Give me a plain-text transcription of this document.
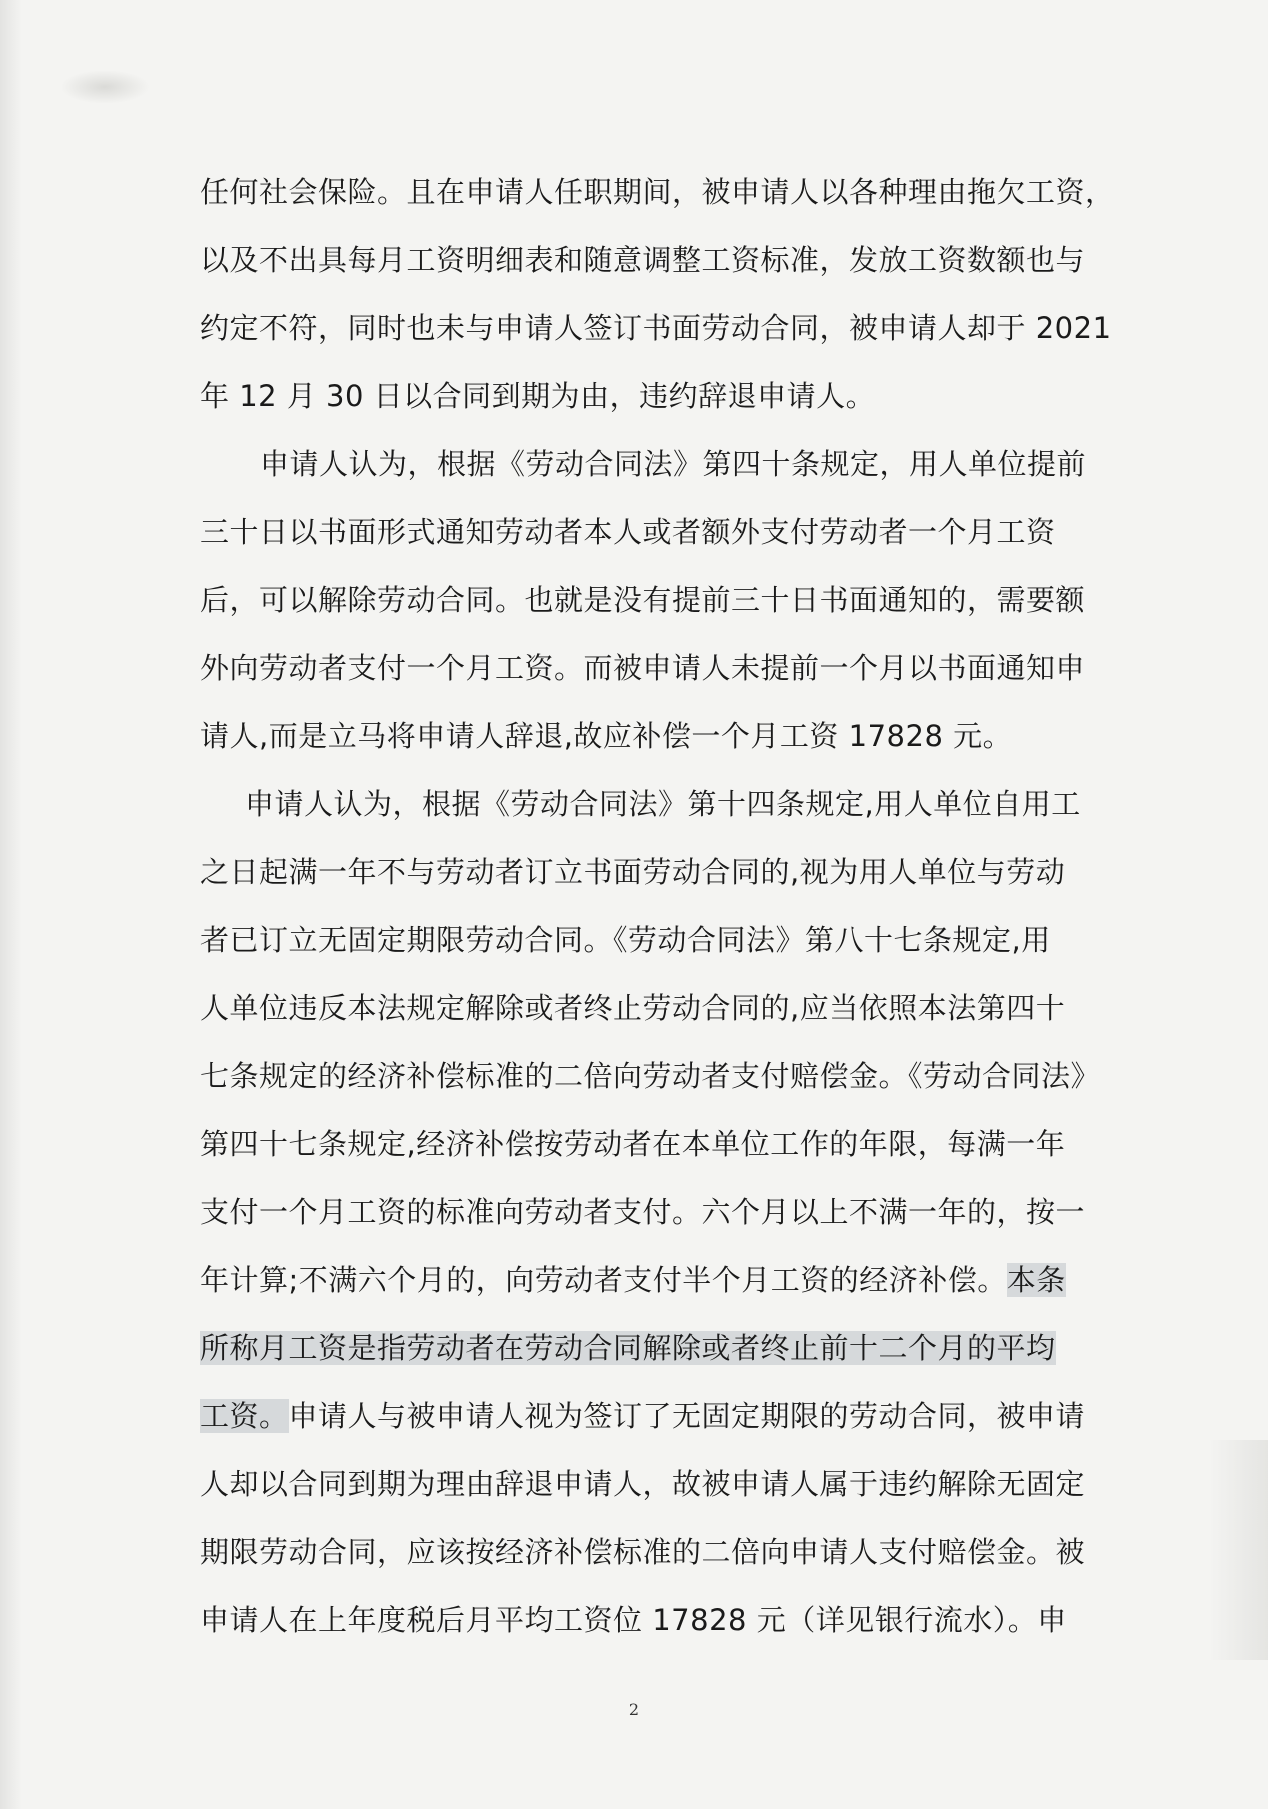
任何社会保险。且在申请人任职期间，被申请人以各种理由拖欠工资，
以及不出具每月工资明细表和随意调整工资标准，发放工资数额也与
约定不符，同时也未与申请人签订书面劳动合同，被申请人却于 2021
年 12 月 30 日以合同到期为由，违约辞退申请人。
申请人认为，根据《劳动合同法》第四十条规定，用人单位提前
三十日以书面形式通知劳动者本人或者额外支付劳动者一个月工资
后，可以解除劳动合同。也就是没有提前三十日书面通知的，需要额
外向劳动者支付一个月工资。而被申请人未提前一个月以书面通知申
请人,而是立马将申请人辞退,故应补偿一个月工资 17828 元。
申请人认为，根据《劳动合同法》第十四条规定,用人单位自用工
之日起满一年不与劳动者订立书面劳动合同的,视为用人单位与劳动
者已订立无固定期限劳动合同。《劳动合同法》第八十七条规定,用
人单位违反本法规定解除或者终止劳动合同的,应当依照本法第四十
七条规定的经济补偿标准的二倍向劳动者支付赔偿金。《劳动合同法》
第四十七条规定,经济补偿按劳动者在本单位工作的年限，每满一年
支付一个月工资的标准向劳动者支付。六个月以上不满一年的，按一
年计算;不满六个月的，向劳动者支付半个月工资的经济补偿。本条
所称月工资是指劳动者在劳动合同解除或者终止前十二个月的平均
工资。申请人与被申请人视为签订了无固定期限的劳动合同，被申请
人却以合同到期为理由辞退申请人，故被申请人属于违约解除无固定
期限劳动合同，应该按经济补偿标准的二倍向申请人支付赔偿金。被
申请人在上年度税后月平均工资位 17828 元（详见银行流水）。申
2
